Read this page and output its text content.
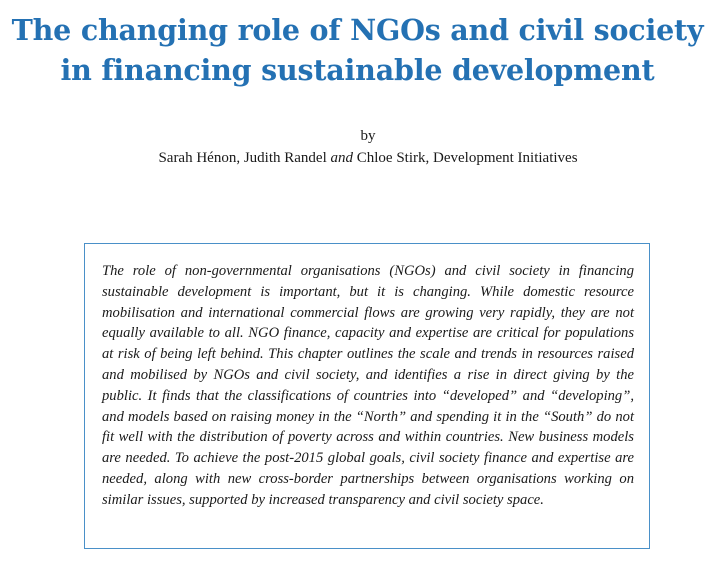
The changing role of NGOs and civil society
in financing sustainable development

by

Sarah Hénon, Judith Randel and Chloe Stirk, Development Initiatives

The role of non-governmental organisations (NGOs) and civil society in financing sustainable development is important, but it is changing. While domestic resource mobilisation and international commercial flows are growing very rapidly, they are not equally available to all. NGO finance, capacity and expertise are critical for populations at risk of being left behind. This chapter outlines the scale and trends in resources raised and mobilised by NGOs and civil society, and identifies a rise in direct giving by the public. It finds that the classifications of countries into “developed” and “developing”, and models based on raising money in the “North” and spending it in the “South” do not fit well with the distribution of poverty across and within countries. New business models are needed. To achieve the post-2015 global goals, civil society finance and expertise are needed, along with new cross-border partnerships between organisations working on similar issues, supported by increased transparency and civil society space.
